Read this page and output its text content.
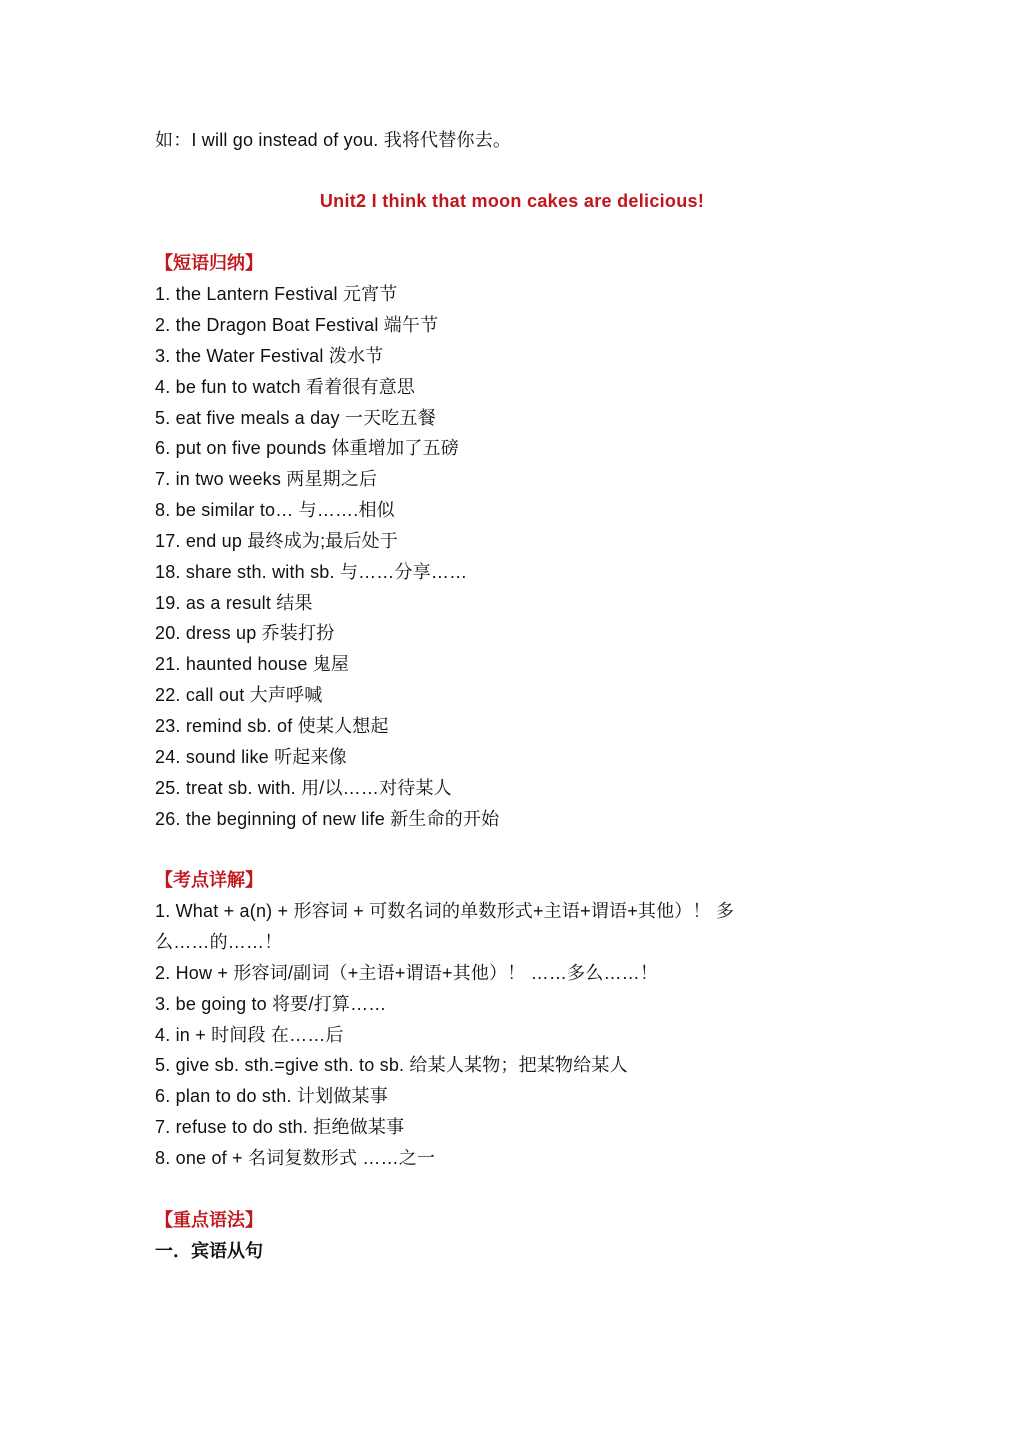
如：I will go instead of you. 我将代替你去。
Unit2 I think that moon cakes are delicious!
【短语归纳】
1. the Lantern Festival 元宵节
2. the Dragon Boat Festival 端午节
3. the Water Festival 泼水节
4. be fun to watch 看着很有意思
5. eat five meals a day 一天吃五餐
6. put on five pounds 体重增加了五磅
7. in two weeks 两星期之后
8. be similar to… 与…….相似
17. end up 最终成为;最后处于
18. share sth. with sb. 与……分享……
19. as a result 结果
20. dress up 乔装打扮
21. haunted house 鬼屋
22. call out 大声呼喊
23. remind sb. of 使某人想起
24. sound like 听起来像
25. treat sb. with. 用/以……对待某人
26. the beginning of new life 新生命的开始
【考点详解】
1. What + a(n) + 形容词 + 可数名词的单数形式+主语+谓语+其他）！ 多
么……的……！
2. How + 形容词/副词（+主语+谓语+其他）！ ……多么……！
3. be going to 将要/打算……
4. in + 时间段 在……后
5. give sb. sth.=give sth. to sb. 给某人某物；把某物给某人
6. plan to do sth. 计划做某事
7. refuse to do sth. 拒绝做某事
8. one of + 名词复数形式 ……之一
【重点语法】
一．宾语从句
